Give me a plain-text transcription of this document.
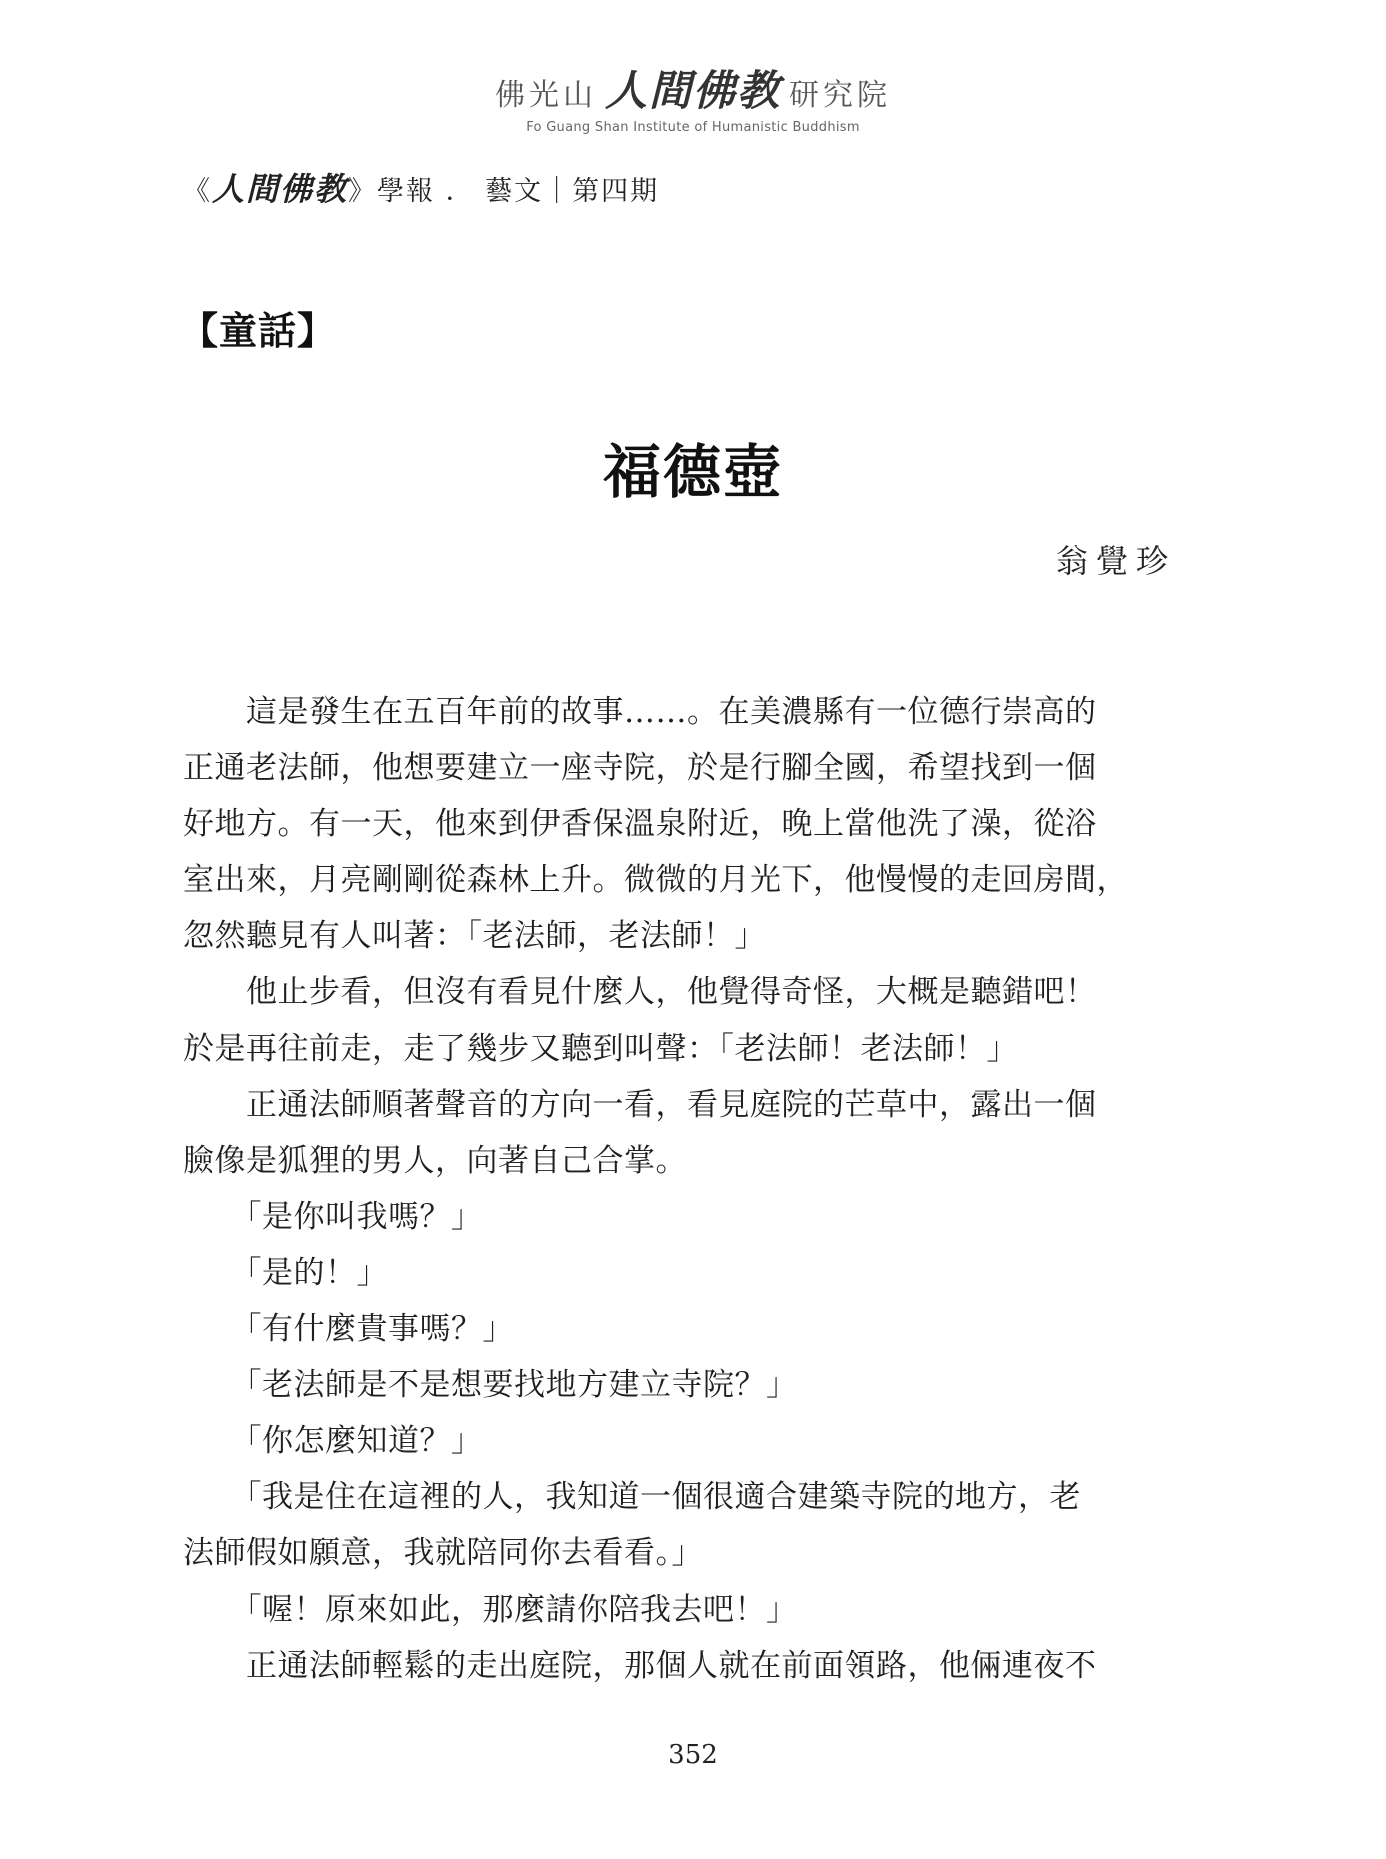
佛光山 人間佛教 研究院
Fo Guang Shan Institute of Humanistic Buddhism
《人間佛教》學報 ． 藝文｜第四期
【童話】
福德壺
翁覺珍
　　這是發生在五百年前的故事……。在美濃縣有一位德行崇高的
正通老法師，他想要建立一座寺院，於是行腳全國，希望找到一個
好地方。有一天，他來到伊香保溫泉附近，晚上當他洗了澡，從浴
室出來，月亮剛剛從森林上升。微微的月光下，他慢慢的走回房間，
忽然聽見有人叫著：「老法師，老法師！」
　　他止步看，但沒有看見什麼人，他覺得奇怪，大概是聽錯吧！
於是再往前走，走了幾步又聽到叫聲：「老法師！老法師！」
　　正通法師順著聲音的方向一看，看見庭院的芒草中，露出一個
臉像是狐狸的男人，向著自己合掌。
　　「是你叫我嗎？」
　　「是的！」
　　「有什麼貴事嗎？」
　　「老法師是不是想要找地方建立寺院？」
　　「你怎麼知道？」
　　「我是住在這裡的人，我知道一個很適合建築寺院的地方，老
法師假如願意，我就陪同你去看看。」
　　「喔！原來如此，那麼請你陪我去吧！」
　　正通法師輕鬆的走出庭院，那個人就在前面領路，他倆連夜不
352
